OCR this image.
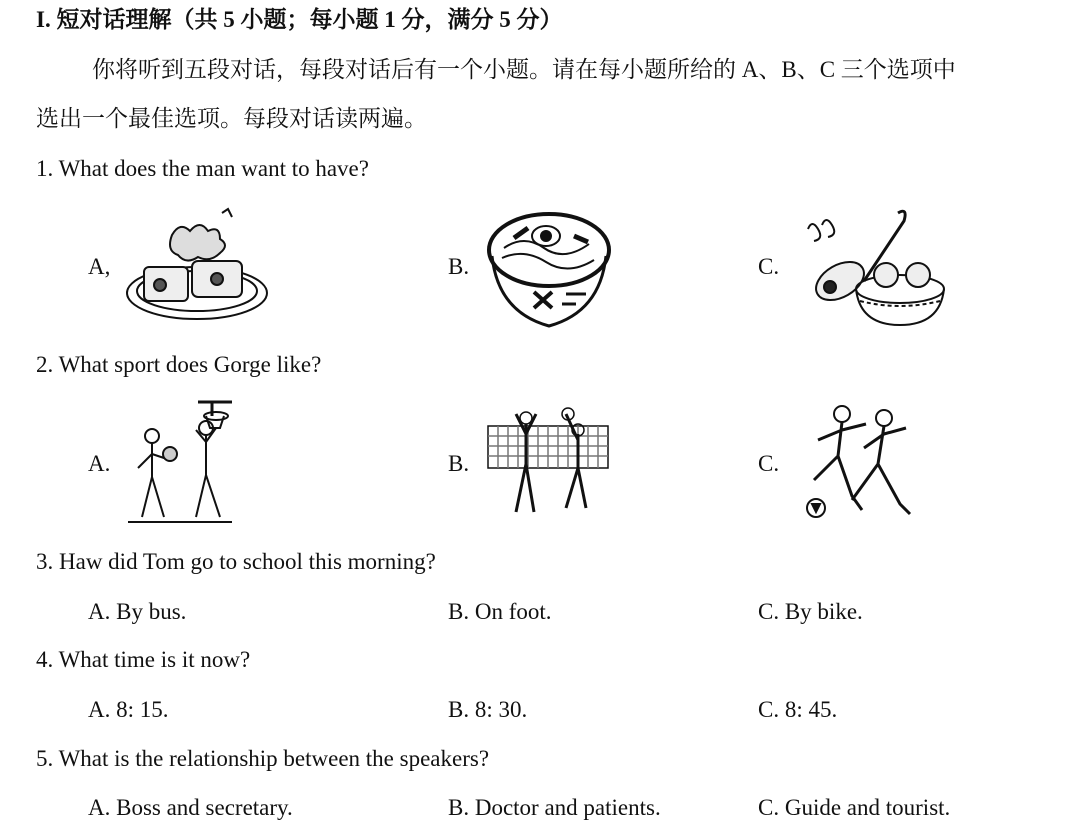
I. 短对话理解（共 5 小题；每小题 1 分，满分 5 分）
你将听到五段对话，每段对话后有一个小题。请在每小题所给的 A、B、C 三个选项中
选出一个最佳选项。每段对话读两遍。
1. What does the man want to have?
A,	B.	C.
2. What sport does Gorge like?
A.	B.	C.
3. Haw did Tom go to school this morning?
A. By bus.	B. On foot.	C. By bike.
4. What time is it now?
A. 8: 15.	B. 8: 30.	C. 8: 45.
5. What is the relationship between the speakers?
A. Boss and secretary.	B. Doctor and patients.	C. Guide and tourist.
